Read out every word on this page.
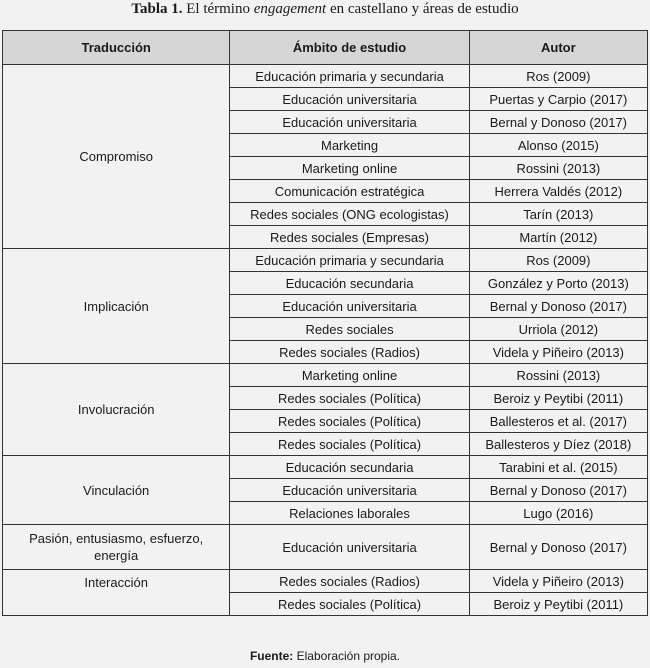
Tabla 1. El término engagement en castellano y áreas de estudio
Traducción	Ámbito de estudio	Autor
Compromiso	Educación primaria y secundaria	Ros (2009)
	Educación universitaria	Puertas y Carpio (2017)
	Educación universitaria	Bernal y Donoso (2017)
	Marketing	Alonso (2015)
	Marketing online	Rossini (2013)
	Comunicación estratégica	Herrera Valdés (2012)
	Redes sociales (ONG ecologistas)	Tarín (2013)
	Redes sociales (Empresas)	Martín (2012)
Implicación	Educación primaria y secundaria	Ros (2009)
	Educación secundaria	González y Porto (2013)
	Educación universitaria	Bernal y Donoso (2017)
	Redes sociales	Urriola (2012)
	Redes sociales (Radios)	Videla y Piñeiro (2013)
Involucración	Marketing online	Rossini (2013)
	Redes sociales (Política)	Beroiz y Peytibi (2011)
	Redes sociales (Política)	Ballesteros et al. (2017)
	Redes sociales (Política)	Ballesteros y Díez (2018)
Vinculación	Educación secundaria	Tarabini et al. (2015)
	Educación universitaria	Bernal y Donoso (2017)
	Relaciones laborales	Lugo (2016)
Pasión, entusiasmo, esfuerzo, energía	Educación universitaria	Bernal y Donoso (2017)
Interacción	Redes sociales (Radios)	Videla y Piñeiro (2013)
	Redes sociales (Política)	Beroiz y Peytibi (2011)
Fuente: Elaboración propia.
